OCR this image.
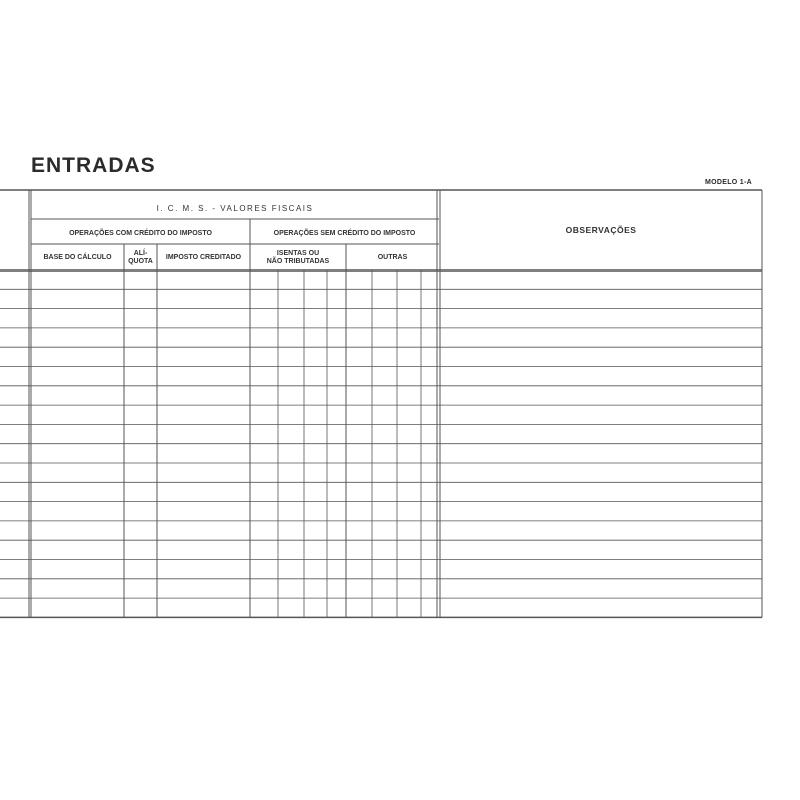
ENTRADAS
MODELO 1-A
I. C. M. S. - VALORES FISCAIS
OPERAÇÕES COM CRÉDITO DO IMPOSTO	OPERAÇÕES SEM CRÉDITO DO IMPOSTO	OBSERVAÇÕES
BASE DO CÁLCULO
ALÍ-
QUOTA
IMPOSTO CREDITADO
ISENTAS OU
NÃO TRIBUTADAS
OUTRAS
